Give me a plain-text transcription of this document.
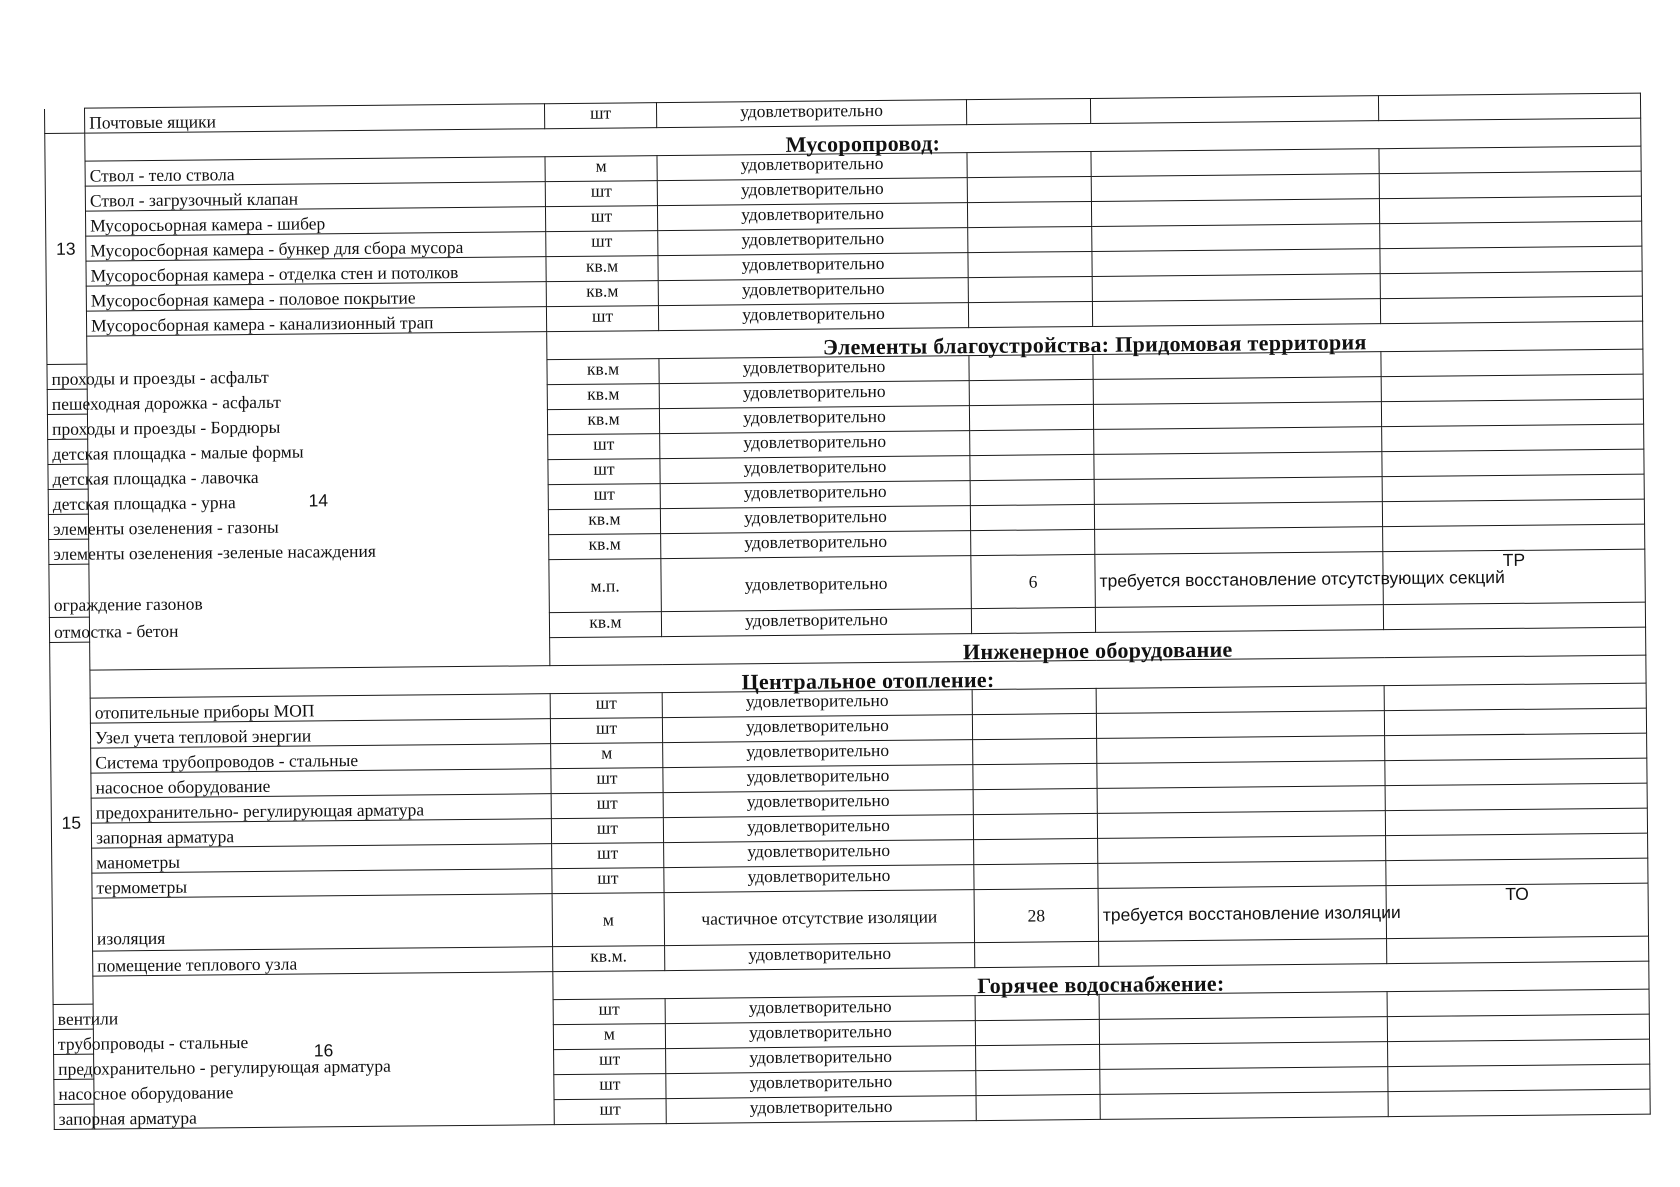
	Почтовые ящики	шт	удовлетворительно			
13	Мусоропровод:					
	Ствол - тело ствола	м	удовлетворительно			
	Ствол - загрузочный клапан	шт	удовлетворительно			
	Мусоросьорная камера - шибер	шт	удовлетворительно			
	Мусоросборная камера - бункер для сбора мусора	шт	удовлетворительно			
	Мусоросборная камера - отделка стен и потолков	кв.м	удовлетворительно			
	Мусоросборная камера - половое покрытие	кв.м	удовлетворительно			
	Мусоросборная камера - канализионный трап	шт	удовлетворительно			
	14	Элементы благоустройства: Придомовая территория				
проходы и проезды - асфальт		кв.м	удовлетворительно			
пешеходная дорожка - асфальт		кв.м	удовлетворительно			
проходы и проезды - Бордюры		кв.м	удовлетворительно			
детская площадка - малые формы		шт	удовлетворительно			
детская площадка - лавочка		шт	удовлетворительно			
детская площадка - урна		шт	удовлетворительно			
элементы озеленения - газоны		кв.м	удовлетворительно			
элементы озеленения -зеленые насаждения		кв.м	удовлетворительно			
ограждение газонов		м.п.	удовлетворительно	6	требуется восстановление отсутствующих секций	ТР
отмостка - бетон		кв.м	удовлетворительно			
15		Инженерное оборудование				
	Центральное отопление:					
	отопительные приборы МОП	шт	удовлетворительно			
	Узел учета тепловой энергии	шт	удовлетворительно			
	Система трубопроводов - стальные	м	удовлетворительно			
	насосное оборудование	шт	удовлетворительно			
	предохранительно- регулирующая арматура	шт	удовлетворительно			
	запорная арматура	шт	удовлетворительно			
	манометры	шт	удовлетворительно			
	термометры	шт	удовлетворительно			
	изоляция	м	частичное отсутствие изоляции	28	требуется восстановление изоляции	ТО
	помещение теплового узла	кв.м.	удовлетворительно			
	16	Горячее водоснабжение:				
вентили		шт	удовлетворительно			
трубопроводы - стальные		м	удовлетворительно			
предохранительно - регулирующая арматура		шт	удовлетворительно			
насосное оборудование		шт	удовлетворительно			
запорная арматура		шт	удовлетворительно			
